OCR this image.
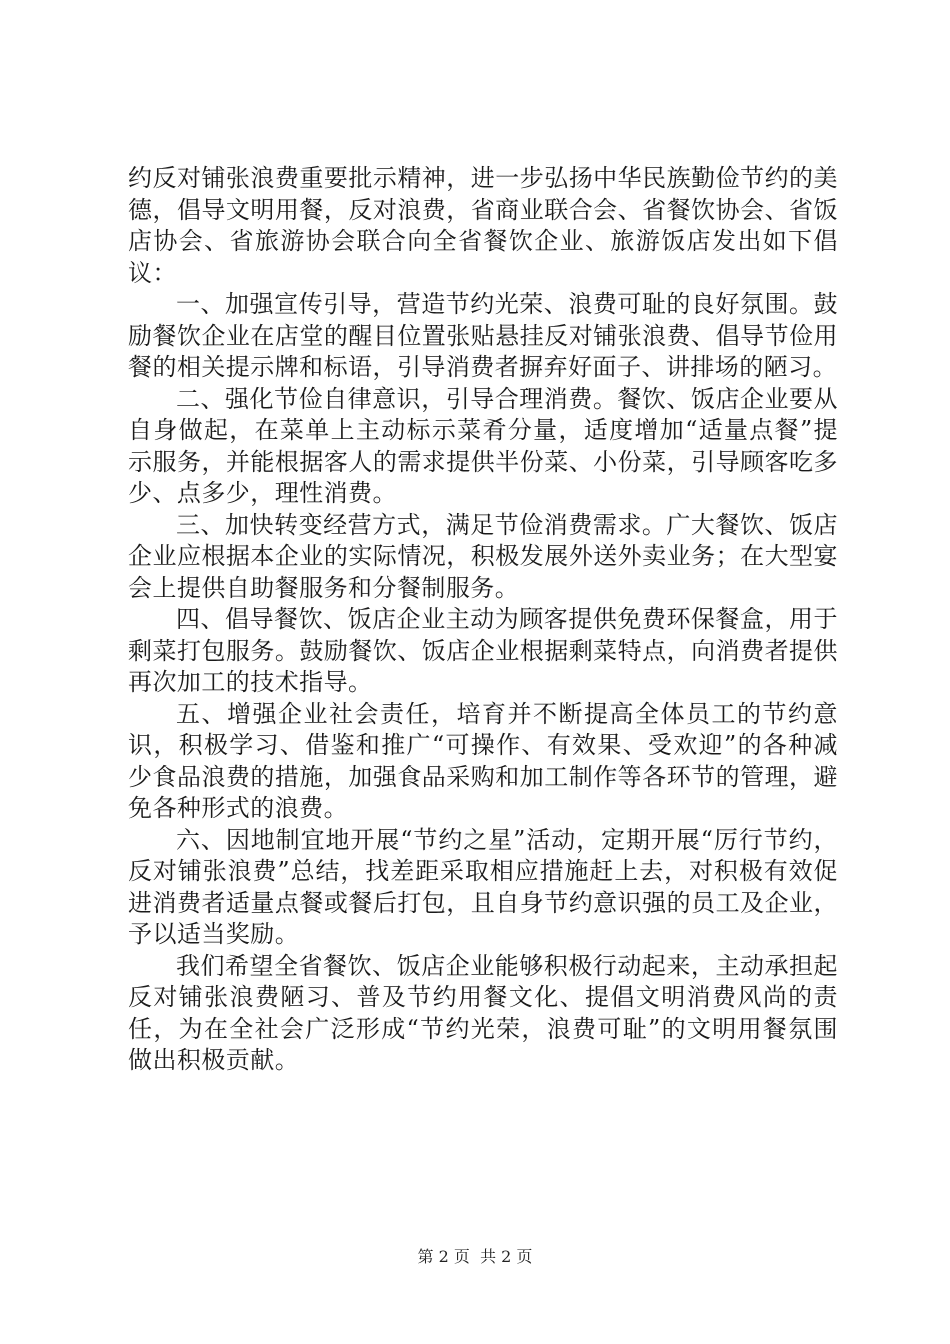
约反对铺张浪费重要批示精神，进一步弘扬中华民族勤俭节约的美德，倡导文明用餐，反对浪费，省商业联合会、省餐饮协会、省饭店协会、省旅游协会联合向全省餐饮企业、旅游饭店发出如下倡议：

一、加强宣传引导，营造节约光荣、浪费可耻的良好氛围。鼓励餐饮企业在店堂的醒目位置张贴悬挂反对铺张浪费、倡导节俭用餐的相关提示牌和标语，引导消费者摒弃好面子、讲排场的陋习。

二、强化节俭自律意识，引导合理消费。餐饮、饭店企业要从自身做起，在菜单上主动标示菜肴分量，适度增加“适量点餐”提示服务，并能根据客人的需求提供半份菜、小份菜，引导顾客吃多少、点多少，理性消费。

三、加快转变经营方式，满足节俭消费需求。广大餐饮、饭店企业应根据本企业的实际情况，积极发展外送外卖业务；在大型宴会上提供自助餐服务和分餐制服务。

四、倡导餐饮、饭店企业主动为顾客提供免费环保餐盒，用于剩菜打包服务。鼓励餐饮、饭店企业根据剩菜特点，向消费者提供再次加工的技术指导。

五、增强企业社会责任，培育并不断提高全体员工的节约意识，积极学习、借鉴和推广“可操作、有效果、受欢迎”的各种减少食品浪费的措施，加强食品采购和加工制作等各环节的管理，避免各种形式的浪费。

六、因地制宜地开展“节约之星”活动，定期开展“厉行节约，反对铺张浪费”总结，找差距采取相应措施赶上去，对积极有效促进消费者适量点餐或餐后打包，且自身节约意识强的员工及企业，予以适当奖励。

我们希望全省餐饮、饭店企业能够积极行动起来，主动承担起反对铺张浪费陋习、普及节约用餐文化、提倡文明消费风尚的责任，为在全社会广泛形成“节约光荣，浪费可耻”的文明用餐氛围做出积极贡献。

第 2 页  共 2 页
